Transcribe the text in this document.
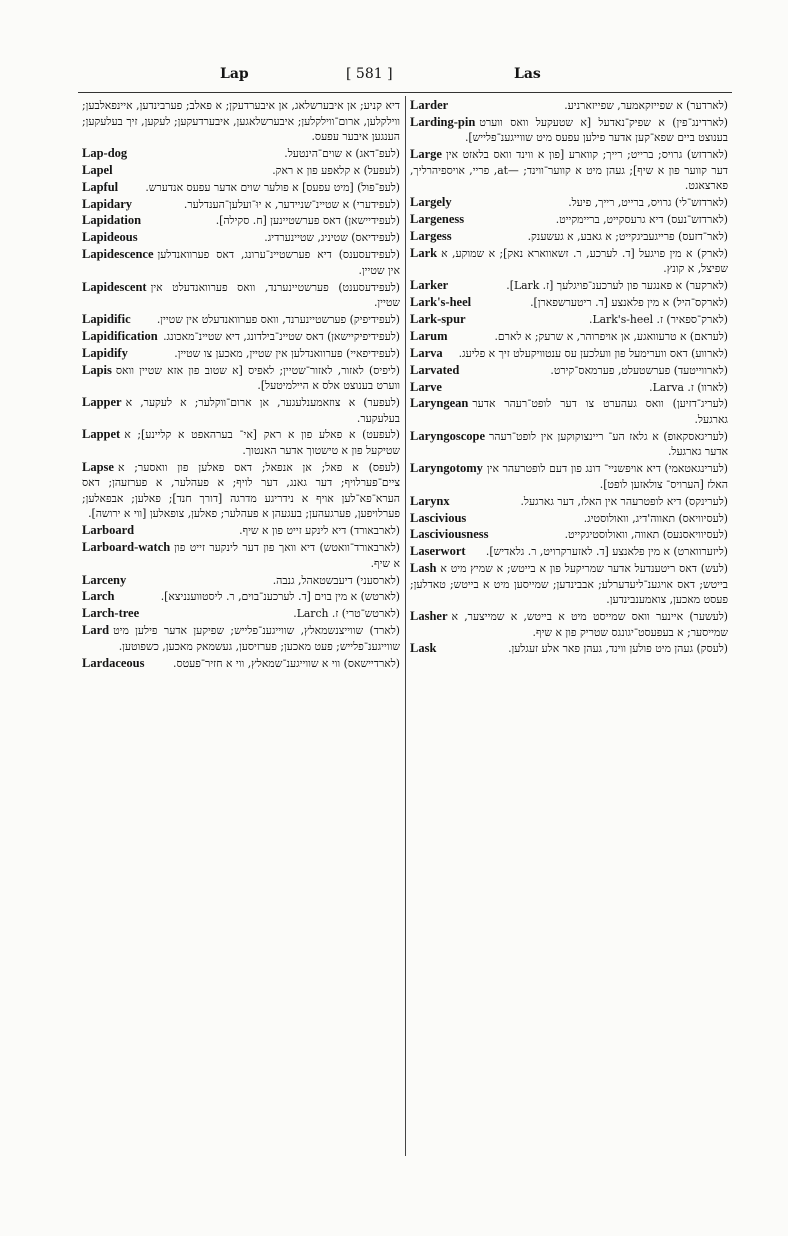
Lap	[ 581 ]	Las
דיא קניע; אן איבערשלאג, אן איבערדעקן; א פאלב; פערבינדען, איינפאלבען; ווילקלען, ארום־ווילקלען; איבערשלאגען, איבערדעקען; לעקען, זיך בעלעקען; הענגען איבער עפעס.
Lap-dog	(לעפ־דאג) א שוים־הינטעל.
Lapel	(לעפעל) א קלאפע פון א ראק.
Lapful	(לעפ־פול) [מיט עפעס] א פולער שוים אדער עפעס אנדערש.
Lapidary	(לעפידערי) א שטיינ־שניידער, א יוּ־ועלען־הענדלער.
Lapidation	(לעפידיישאן) דאס פערשטיינען [ח. סקילה].
Lapideous	(לעפידיאס) שטיניג, שטיינערדיג.
Lapidescence (לעפידעסענס) דיא פערשטיינ־ערונג, דאס פערוואנדלען אין שטיין.
Lapidescent (לעפידעסענט) פערשטיינערנד, וואס פערוואנדעלט אין שטיין.
Lapidific	(לעפידיפיק) פערשטיינערנד, וואס פערוואנדעלט אין שטיין.
Lapidification (לעפידיפיקיישאן) דאס שטיינ־בילדונג, דיא שטיינ־מאכונג.
Lapidify	(לעפידיפאיי) פערוואנדלען אין שטיין, מאכען צו שטיין.
Lapis (ליפיס) לאזור, לאזור־שטיין; לאפיס [א שטוב פון אזא שטיין וואס ווערט בענוצט אלס א היילמיטעל].
Lapper (לעפער) א צוזאמענלעגער, אן ארום־ווקלער; א לעקער, א בעלעקער.
Lappet (לעפעט) א פאלע פון א ראק [אי־ בערהאפט א קליינע]; א שטיקעל פון א טישטוך אדער האנטוך.
Lapse (לעפס) א פאל; אן אנפאל; דאס פאלען פון וואסער; א ציים־פערלויף; דער גאנג, דער לויף; א פעהלער, א פערזעהן; דאס הערא־פא־לען אויף א נידריגע מדרגה [דורך חנד]; פאלען; אבפאלען; פערלויפען, פערגעהען; בעגעהן א פעהלער; פאלען, צופאלען [ווי א ירושה].
Larboard	(לארבאורד) דיא לינקע זייט פון א שיף.
Larboard-watch (לארבאורד־וואטש) דיא וואך פון דער לינקער זייט פון א שיף.
Larceny	(לארסעני) דיעבשטאהל, גנבה.
Larch	(לארטש) א מין בוים [ד. לערכענ־בוים, ר. ליסטווענניצא].
Larch-tree	(לארטש־טרי) ז. Larch.
Lard (לארד) שווייצנשמאלץ, שווייגענ־פלייש; שפיקען אדער פילען מיט שווייגענ־פלייש; פעט מאכען; פערזיסען, געשמאק מאכען, כשפוטען.
Lardaceous	(לארדיישאס) ווי א שווייגענ־שמאלץ, ווי א חזיר־פעטס.
Larder	(לארדער) א שפייזקאמער, שפייזארניע.
Larding-pin (לארדינג־פין) א שפיק־נאדעל [א שטעקעל וואס ווערט בענוצט ביים שפא־קען אדער פילען עפעס מיט שווייגענ־פלייש].
Large (לארדזש) גרויס; ברייט; רייך; קווארע [פון א ווינד וואס בלאזט אין דער קווער פון א שיף]; געהן מיט א קווער־ווינד; —at, פריי, אויספיהרליך, פארצאגט.
Largely	(לארדזש־לי) גרויס, ברייט, רייך, פיעל.
Largeness	(לארדזש־נעס) דיא גרעסקייט, בריימקייט.
Largess	(לאר־דזעס) פרייגעביגקייט; א גאבע, א געשענק.
Lark (לארק) א מין פויגעל [ד. לערכע, ר. זשאווארא נאק]; א שמוקע, א שפיצל, א קונץ.
Larker	(לארקער) א פאנגער פון לערכענ־פויגלעך [ז. Lark].
Lark's-heel	(לארקס־היל) א מין פלאנצע [ד. ריטערשפארן].
Lark-spur	(לארק־ספאיר) ז. Lark's-heel.
Larum	(לעראם) א טרעוואגע, אן אויפרוהר, א שרעק; א לארם.
Larva	(לארווע) דאס ווערימעל פון וועלכען עס ענטוויקעלט זיך א פליעג.
Larvated	(לארווייטעד) פערשטעלט, פערמאס־קירט.
Larve	(לארוו) ז. Larva.
Laryngean (לעריג־דזיען) וואס געהערט צו דער לופט־רעהר אדער גארגעל.
Laryngoscope (לעריגאסקאופ) א גלאז הע־ ריינצוקוקען אין לופט־רעהר אדער גארגעל.
Laryngotomy (לערינגאטאמי) דיא אויפשניי־ דונג פון דעם לופטרעהר אין האלז [הערויס־ צולאזען לופט].
Larynx	(לערינקס) דיא לופטרעהר אין האלז, דער גארגעל.
Lascivious	(לעסיוויאס) תאווה'דיג, וואולוסטיג.
Lasciviousness	(לעסיוויאסנעס) תאווה, וואולוסטיגקייט.
Laserwort	(ליזערווארט) א מין פלאנצע [ד. לאזערקרויט, ר. גלאדיש].
Lash (לעש) דאס ריטענדעל אדער שמריקעל פון א בייטש; א שמיץ מיט א בייטש; דאס אויגענ־ליעדערלע; אבבינדען; שמייסען מיט א בייטש; טאדלען; פעסט מאכען, צואמענבינדען.
Lasher (לעשער) איינער וואס שמייסט מיט א בייטש, א שמייצער, א שמייסער; א בעפעסט־יגונגס שטריק פון א שיף.
Lask	(לעסק) געהן מיט פולען ווינד, געהן פאר אלע זעגלען.
